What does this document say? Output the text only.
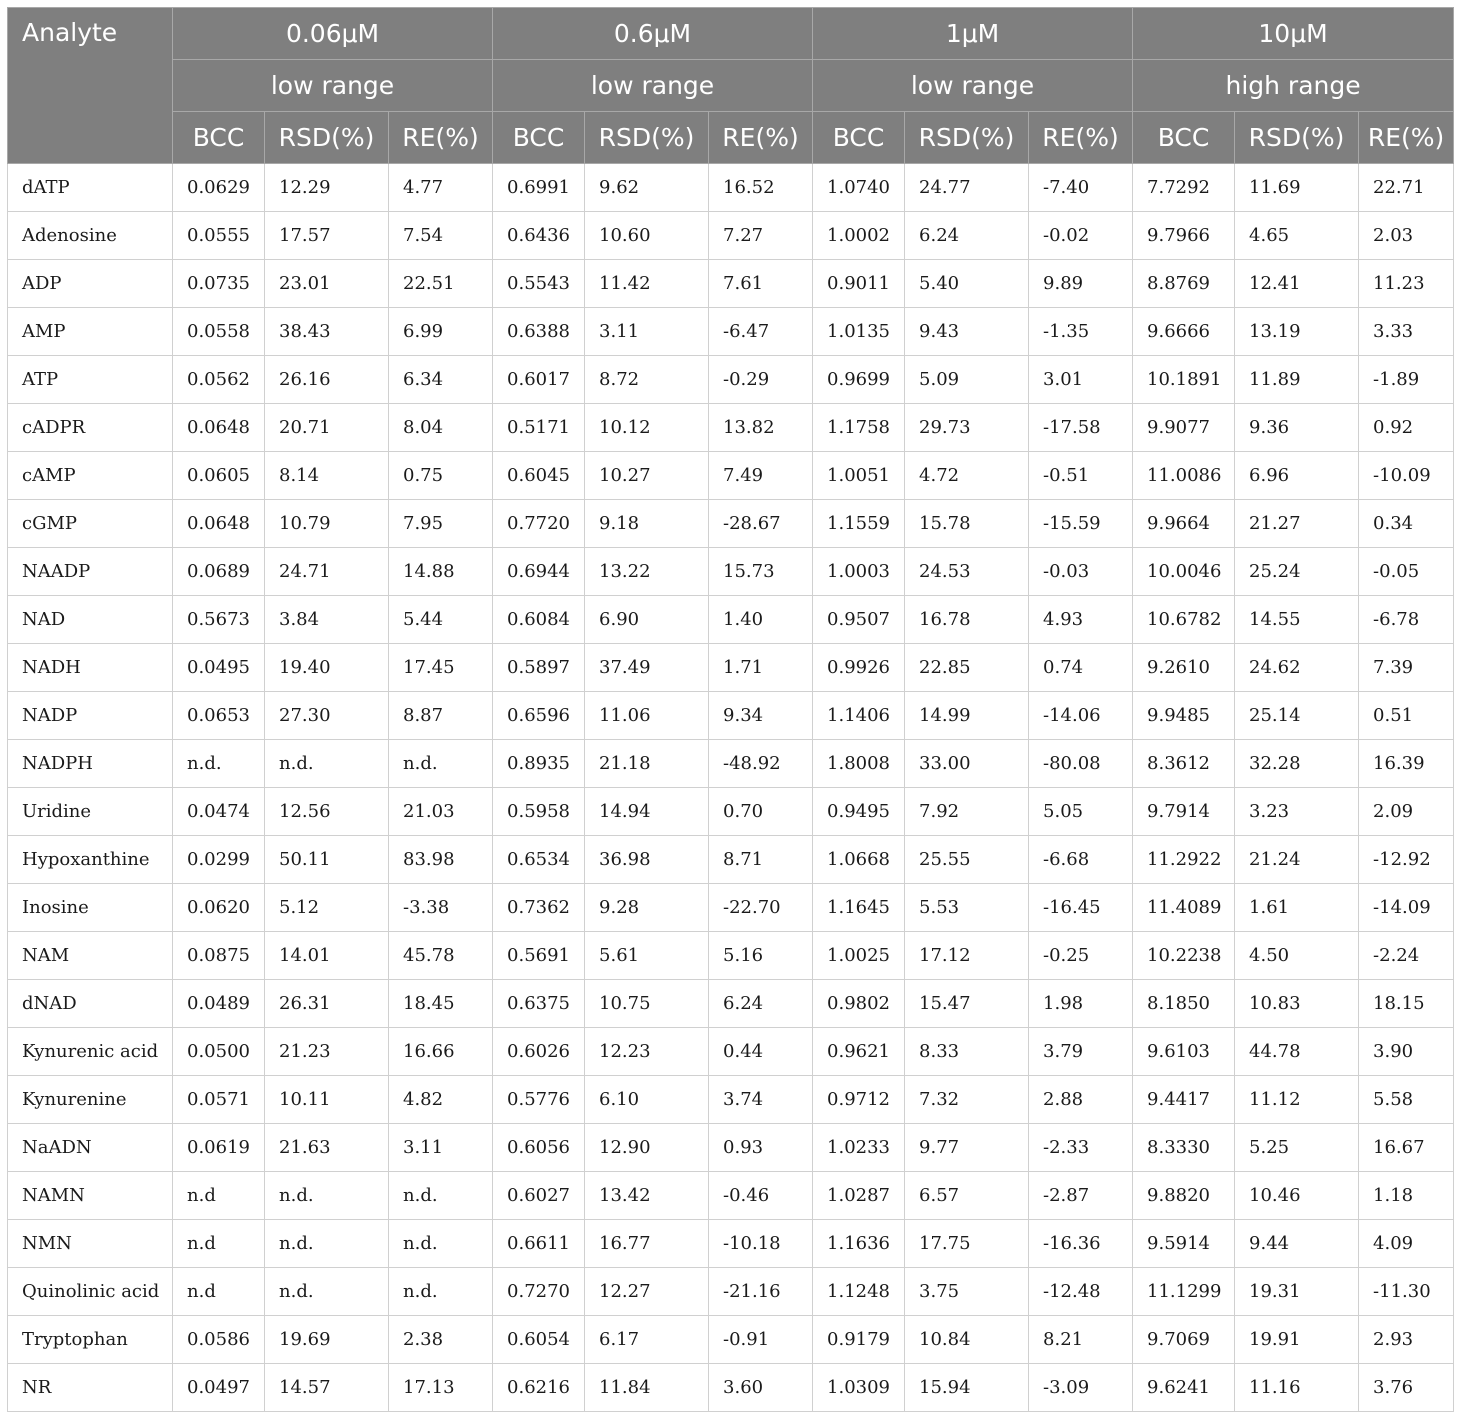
Analyte	0.06μM			0.6μM			1μM			10μM		
	low range			low range			low range			high range		
	BCC	RSD(%)	RE(%)	BCC	RSD(%)	RE(%)	BCC	RSD(%)	RE(%)	BCC	RSD(%)	RE(%)
dATP	0.0629	12.29	4.77	0.6991	9.62	16.52	1.0740	24.77	-7.40	7.7292	11.69	22.71
Adenosine	0.0555	17.57	7.54	0.6436	10.60	7.27	1.0002	6.24	-0.02	9.7966	4.65	2.03
ADP	0.0735	23.01	22.51	0.5543	11.42	7.61	0.9011	5.40	9.89	8.8769	12.41	11.23
AMP	0.0558	38.43	6.99	0.6388	3.11	-6.47	1.0135	9.43	-1.35	9.6666	13.19	3.33
ATP	0.0562	26.16	6.34	0.6017	8.72	-0.29	0.9699	5.09	3.01	10.1891	11.89	-1.89
cADPR	0.0648	20.71	8.04	0.5171	10.12	13.82	1.1758	29.73	-17.58	9.9077	9.36	0.92
cAMP	0.0605	8.14	0.75	0.6045	10.27	7.49	1.0051	4.72	-0.51	11.0086	6.96	-10.09
cGMP	0.0648	10.79	7.95	0.7720	9.18	-28.67	1.1559	15.78	-15.59	9.9664	21.27	0.34
NAADP	0.0689	24.71	14.88	0.6944	13.22	15.73	1.0003	24.53	-0.03	10.0046	25.24	-0.05
NAD	0.5673	3.84	5.44	0.6084	6.90	1.40	0.9507	16.78	4.93	10.6782	14.55	-6.78
NADH	0.0495	19.40	17.45	0.5897	37.49	1.71	0.9926	22.85	0.74	9.2610	24.62	7.39
NADP	0.0653	27.30	8.87	0.6596	11.06	9.34	1.1406	14.99	-14.06	9.9485	25.14	0.51
NADPH	n.d.	n.d.	n.d.	0.8935	21.18	-48.92	1.8008	33.00	-80.08	8.3612	32.28	16.39
Uridine	0.0474	12.56	21.03	0.5958	14.94	0.70	0.9495	7.92	5.05	9.7914	3.23	2.09
Hypoxanthine	0.0299	50.11	83.98	0.6534	36.98	8.71	1.0668	25.55	-6.68	11.2922	21.24	-12.92
Inosine	0.0620	5.12	-3.38	0.7362	9.28	-22.70	1.1645	5.53	-16.45	11.4089	1.61	-14.09
NAM	0.0875	14.01	45.78	0.5691	5.61	5.16	1.0025	17.12	-0.25	10.2238	4.50	-2.24
dNAD	0.0489	26.31	18.45	0.6375	10.75	6.24	0.9802	15.47	1.98	8.1850	10.83	18.15
Kynurenic acid	0.0500	21.23	16.66	0.6026	12.23	0.44	0.9621	8.33	3.79	9.6103	44.78	3.90
Kynurenine	0.0571	10.11	4.82	0.5776	6.10	3.74	0.9712	7.32	2.88	9.4417	11.12	5.58
NaADN	0.0619	21.63	3.11	0.6056	12.90	0.93	1.0233	9.77	-2.33	8.3330	5.25	16.67
NAMN	n.d	n.d.	n.d.	0.6027	13.42	-0.46	1.0287	6.57	-2.87	9.8820	10.46	1.18
NMN	n.d	n.d.	n.d.	0.6611	16.77	-10.18	1.1636	17.75	-16.36	9.5914	9.44	4.09
Quinolinic acid	n.d	n.d.	n.d.	0.7270	12.27	-21.16	1.1248	3.75	-12.48	11.1299	19.31	-11.30
Tryptophan	0.0586	19.69	2.38	0.6054	6.17	-0.91	0.9179	10.84	8.21	9.7069	19.91	2.93
NR	0.0497	14.57	17.13	0.6216	11.84	3.60	1.0309	15.94	-3.09	9.6241	11.16	3.76
